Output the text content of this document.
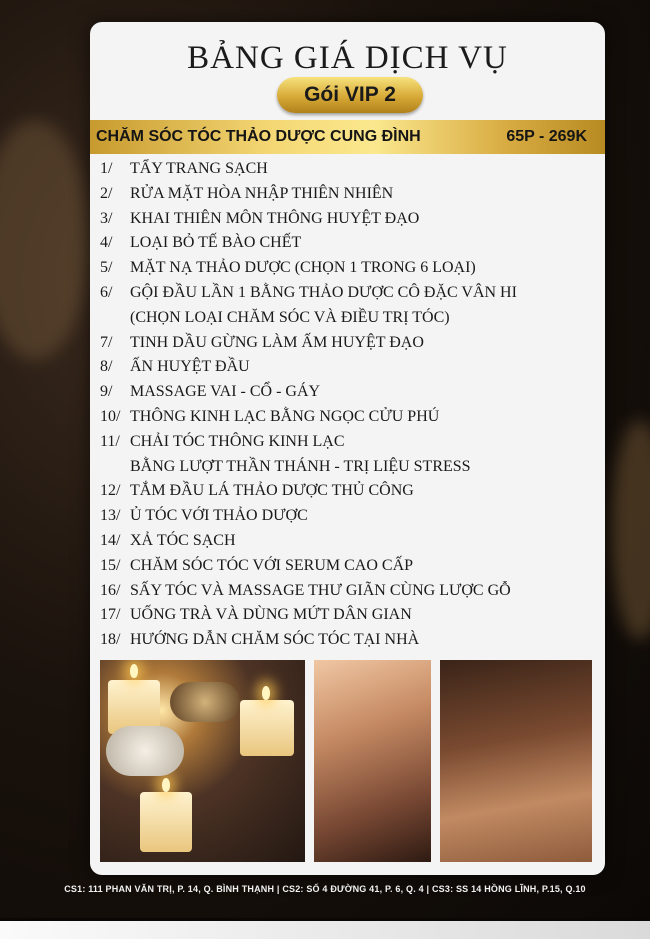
BẢNG GIÁ DỊCH VỤ
Gói VIP 2
CHĂM SÓC TÓC THẢO DƯỢC CUNG ĐÌNH	65P - 269K
1/	TẨY TRANG SẠCH
2/	RỬA MẶT HÒA NHẬP THIÊN NHIÊN
3/	KHAI THIÊN MÔN THÔNG HUYỆT ĐẠO
4/	LOẠI BỎ TẾ BÀO CHẾT
5/	MẶT NẠ THẢO DƯỢC (CHỌN 1 TRONG 6 LOẠI)
6/	GỘI ĐẦU LẦN 1 BẰNG THẢO DƯỢC CÔ ĐẶC VÂN HI
(CHỌN LOẠI CHĂM SÓC VÀ ĐIỀU TRỊ TÓC)
7/	TINH DẦU GỪNG LÀM ẤM HUYỆT ĐẠO
8/	ẤN HUYỆT ĐẦU
9/	MASSAGE VAI - CỔ - GÁY
10/ THÔNG KINH LẠC BẰNG NGỌC CỬU PHÚ
11/ CHẢI TÓC THÔNG KINH LẠC
BẰNG LƯỢT THẦN THÁNH - TRỊ LIỆU STRESS
12/ TẮM ĐẦU LÁ THẢO DƯỢC THỦ CÔNG
13/ Ủ TÓC VỚI THẢO DƯỢC
14/ XẢ TÓC SẠCH
15/ CHĂM SÓC TÓC VỚI SERUM CAO CẤP
16/ SẤY TÓC VÀ MASSAGE THƯ GIÃN CÙNG LƯỢC GỖ
17/ UỐNG TRÀ VÀ DÙNG MỨT DÂN GIAN
18/ HƯỚNG DẪN CHĂM SÓC TÓC TẠI NHÀ
CS1: 111 PHAN VĂN TRỊ, P. 14, Q. BÌNH THẠNH | CS2: SỐ 4 ĐƯỜNG 41, P. 6, Q. 4 | CS3: SS 14 HỒNG LĨNH, P.15, Q.10
